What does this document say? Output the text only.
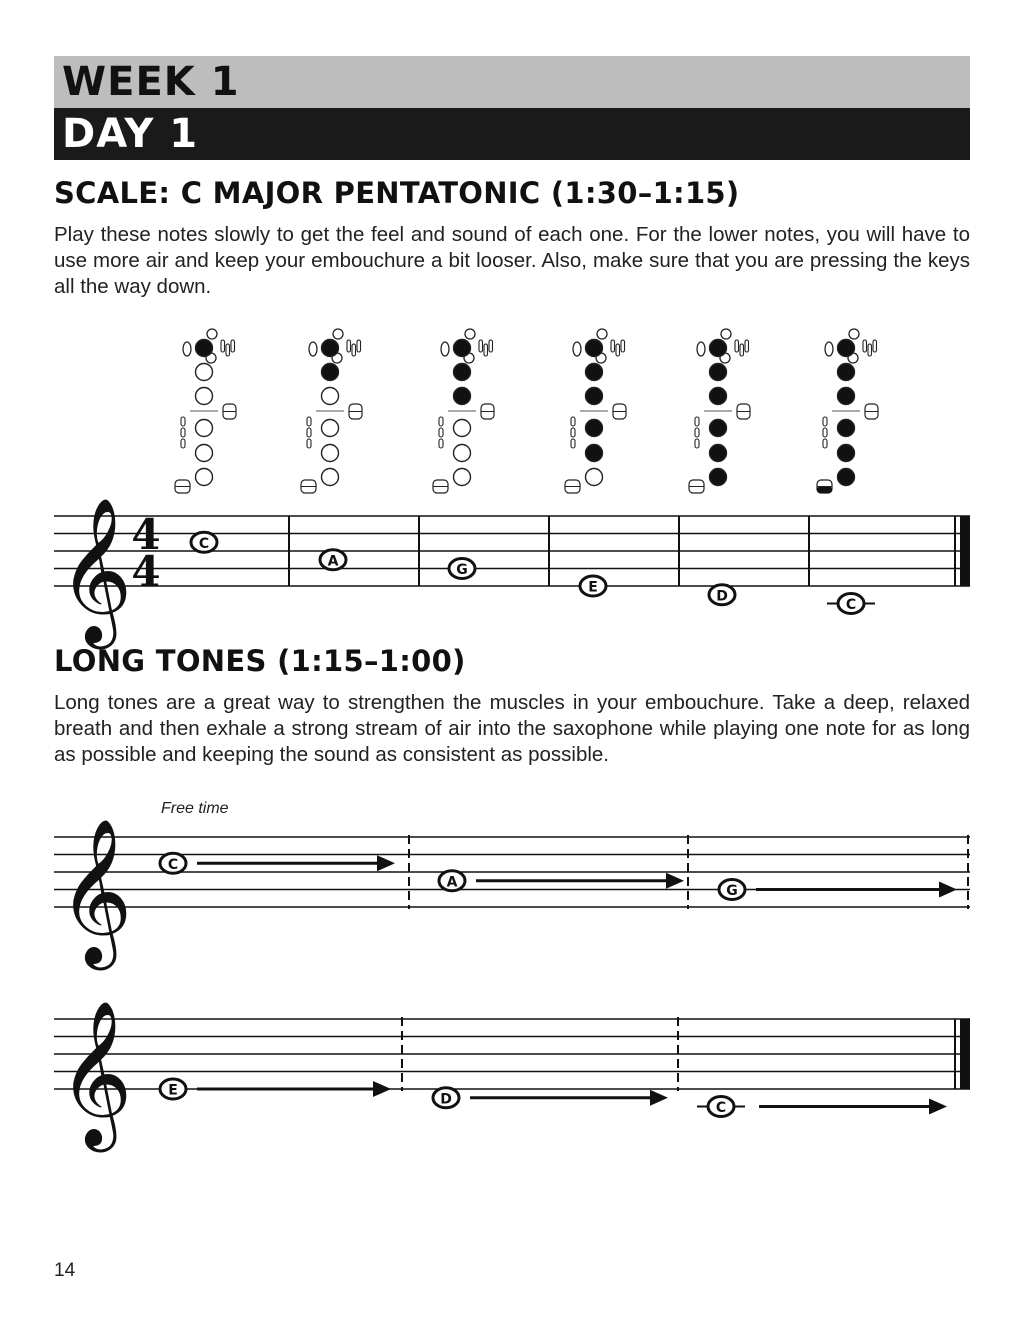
WEEK 1
DAY 1
SCALE: C MAJOR PENTATONIC (1:30–1:15)
Play these notes slowly to get the feel and sound of each one. For the lower notes, you will have to use more air and keep your embouchure a bit looser. Also, make sure that you are pressing the keys all the way down.
𝄞
4
4
C
A
G
E
D
C
𝄞	C
A
G
𝄞	E
D
C
LONG TONES (1:15–1:00)
Long tones are a great way to strengthen the muscles in your embouchure. Take a deep, relaxed breath and then exhale a strong stream of air into the saxophone while playing one note for as long as possible and keeping the sound as consistent as possible.
Free time
14
